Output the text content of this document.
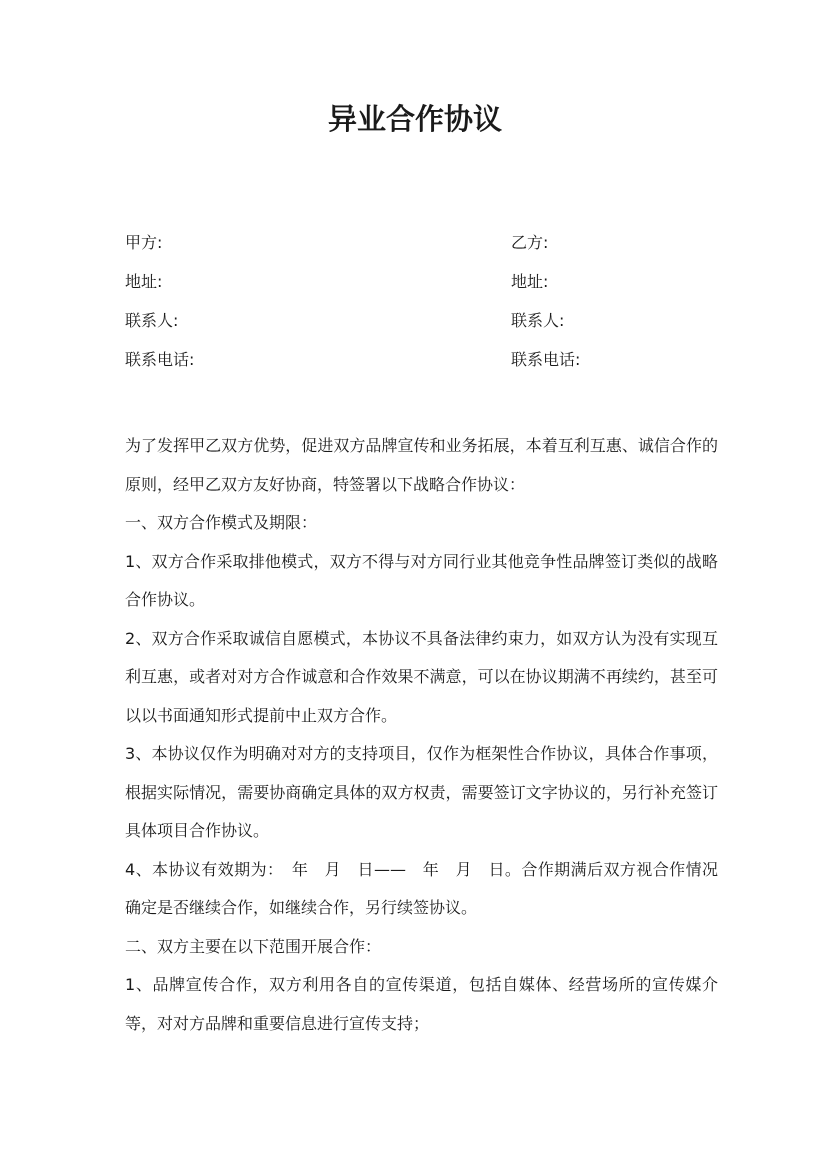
异业合作协议
甲方:
地址:
联系人:
联系电话:
乙方:
地址:
联系人:
联系电话:

为了发挥甲乙双方优势，促进双方品牌宣传和业务拓展，本着互利互惠、诚信合作的原则，经甲乙双方友好协商，特签署以下战略合作协议：

一、双方合作模式及期限：

1、双方合作采取排他模式，双方不得与对方同行业其他竞争性品牌签订类似的战略合作协议。

2、双方合作采取诚信自愿模式，本协议不具备法律约束力，如双方认为没有实现互利互惠，或者对对方合作诚意和合作效果不满意，可以在协议期满不再续约，甚至可以以书面通知形式提前中止双方合作。

3、本协议仅作为明确对对方的支持项目，仅作为框架性合作协议，具体合作事项，根据实际情况，需要协商确定具体的双方权责，需要签订文字协议的，另行补充签订具体项目合作协议。

4、本协议有效期为：　年　月　日——　年　月　日。合作期满后双方视合作情况确定是否继续合作，如继续合作，另行续签协议。

二、双方主要在以下范围开展合作：

1、品牌宣传合作，双方利用各自的宣传渠道，包括自媒体、经营场所的宣传媒介等，对对方品牌和重要信息进行宣传支持；
